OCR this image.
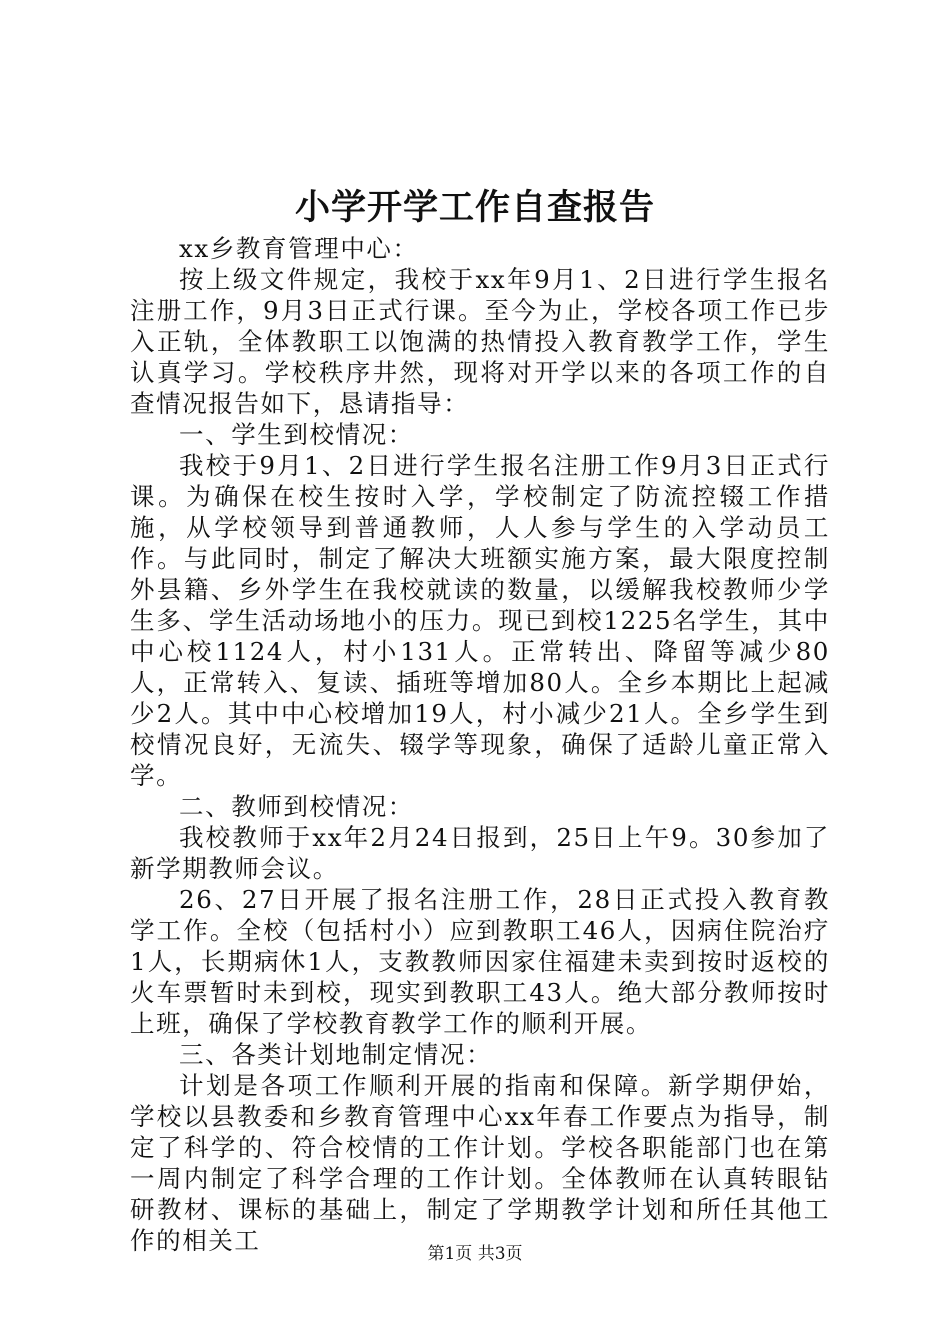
小学开学工作自查报告

xx乡教育管理中心：

按上级文件规定，我校于xx年9月1、2日进行学生报名注册工作，9月3日正式行课。至今为止，学校各项工作已步入正轨，全体教职工以饱满的热情投入教育教学工作，学生认真学习。学校秩序井然，现将对开学以来的各项工作的自查情况报告如下，恳请指导：

一、学生到校情况：

我校于9月1、2日进行学生报名注册工作9月3日正式行课。为确保在校生按时入学，学校制定了防流控辍工作措施，从学校领导到普通教师，人人参与学生的入学动员工作。与此同时，制定了解决大班额实施方案，最大限度控制外县籍、乡外学生在我校就读的数量，以缓解我校教师少学生多、学生活动场地小的压力。现已到校1225名学生，其中中心校1124人，村小131人。正常转出、降留等减少80人，正常转入、复读、插班等增加80人。全乡本期比上起减少2人。其中中心校增加19人，村小减少21人。全乡学生到校情况良好，无流失、辍学等现象，确保了适龄儿童正常入学。

二、教师到校情况：

我校教师于xx年2月24日报到，25日上午9。30参加了新学期教师会议。

26、27日开展了报名注册工作，28日正式投入教育教学工作。全校（包括村小）应到教职工46人，因病住院治疗1人，长期病休1人，支教教师因家住福建未卖到按时返校的火车票暂时未到校，现实到教职工43人。绝大部分教师按时上班，确保了学校教育教学工作的顺利开展。

三、各类计划地制定情况：

计划是各项工作顺利开展的指南和保障。新学期伊始，学校以县教委和乡教育管理中心xx年春工作要点为指导，制定了科学的、符合校情的工作计划。学校各职能部门也在第一周内制定了科学合理的工作计划。全体教师在认真转眼钻研教材、课标的基础上，制定了学期教学计划和所任其他工作的相关工	第1页 共3页
